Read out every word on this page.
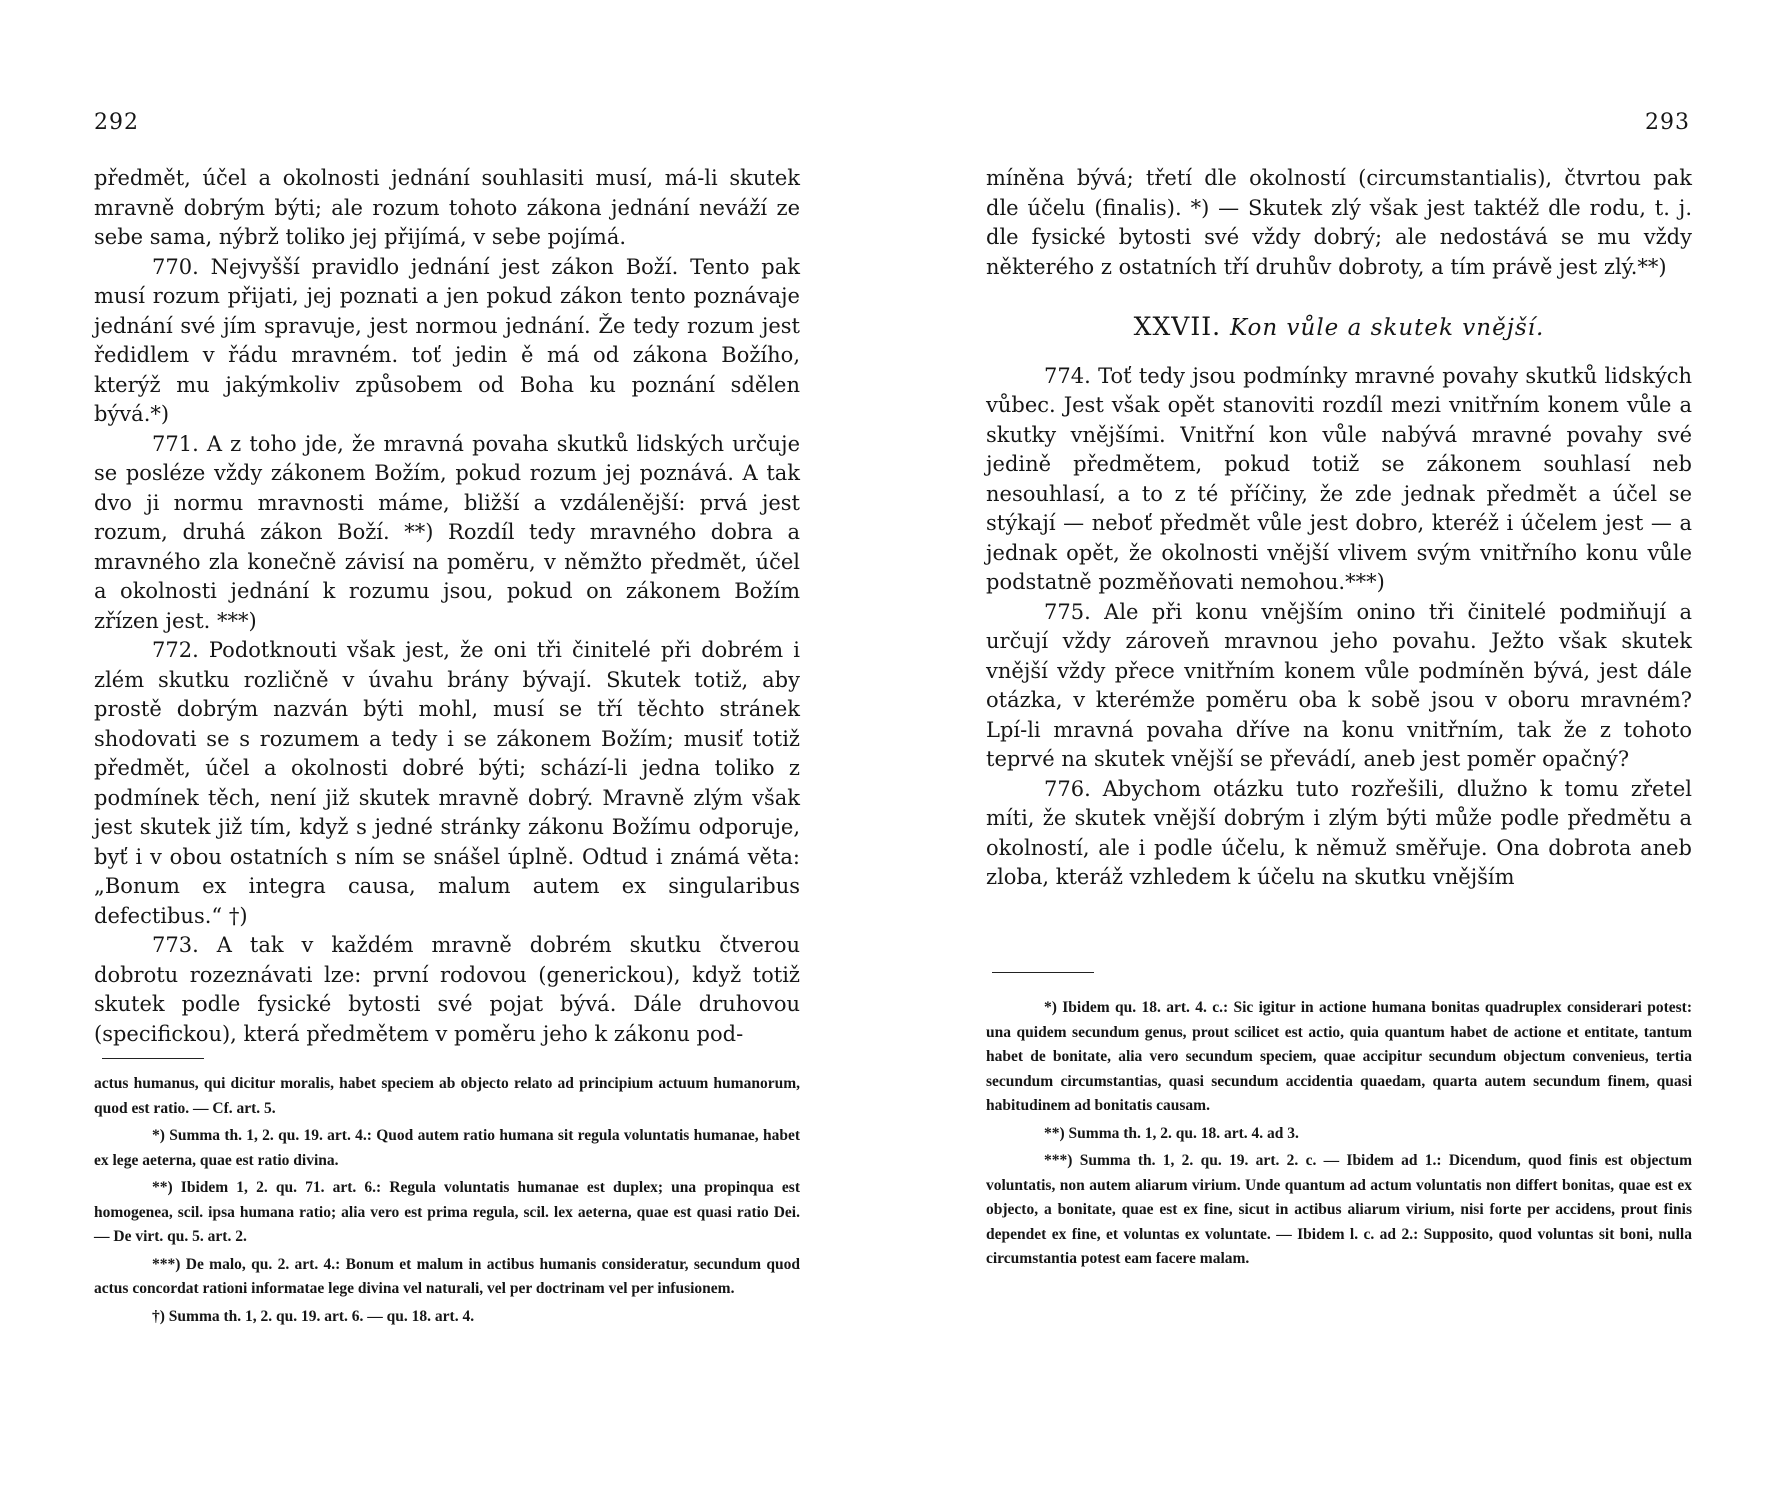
292

předmět, účel a okolnosti jednání souhlasiti musí, má-li skutek mravně dobrým býti; ale rozum tohoto zákona jednání neváží ze sebe sama, nýbrž toliko jej přijímá, v sebe pojímá.

770. Nejvyšší pravidlo jednání jest zákon Boží. Tento pak musí rozum přijati, jej poznati a jen pokud zákon tento poznávaje jednání své jím spravuje, jest normou jednání. Že tedy rozum jest ředidlem v řádu mravném. toť jedin ě má od zákona Božího, kterýž mu jakýmkoliv způsobem od Boha ku poznání sdělen bývá.*)

771. A z toho jde, že mravná povaha skutků lidských určuje se posléze vždy zákonem Božím, pokud rozum jej poznává. A tak dvo ji normu mravnosti máme, bližší a vzdálenější: prvá jest rozum, druhá zákon Boží. **) Rozdíl tedy mravného dobra a mravného zla konečně závisí na poměru, v němžto předmět, účel a okolnosti jednání k rozumu jsou, pokud on zákonem Božím zřízen jest. ***)

772. Podotknouti však jest, že oni tři činitelé při dobrém i zlém skutku rozličně v úvahu brány bývají. Skutek totiž, aby prostě dobrým nazván býti mohl, musí se tří těchto stránek shodovati se s rozumem a tedy i se zákonem Božím; musiť totiž předmět, účel a okolnosti dobré býti; schází-li jedna toliko z podmínek těch, není již skutek mravně dobrý. Mravně zlým však jest skutek již tím, když s jedné stránky zákonu Božímu odporuje, byť i v obou ostatních s ním se snášel úplně. Odtud i známá věta: „Bonum ex integra causa, malum autem ex singularibus defectibus.“ †)

773. A tak v každém mravně dobrém skutku čtverou dobrotu rozeznávati lze: první rodovou (generickou), když totiž skutek podle fysické bytosti své pojat bývá. Dále druhovou (specifickou), která předmětem v poměru jeho k zákonu pod-

actus humanus, qui dicitur moralis, habet speciem ab objecto relato ad principium actuum humanorum, quod est ratio. — Cf. art. 5.

*) Summa th. 1, 2. qu. 19. art. 4.: Quod autem ratio humana sit regula voluntatis humanae, habet ex lege aeterna, quae est ratio divina.

**) Ibidem 1, 2. qu. 71. art. 6.: Regula voluntatis humanae est duplex; una propinqua est homogenea, scil. ipsa humana ratio; alia vero est prima regula, scil. lex aeterna, quae est quasi ratio Dei. — De virt. qu. 5. art. 2.

***) De malo, qu. 2. art. 4.: Bonum et malum in actibus humanis consideratur, secundum quod actus concordat rationi informatae lege divina vel naturali, vel per doctrinam vel per infusionem.

†) Summa th. 1, 2. qu. 19. art. 6. — qu. 18. art. 4.

293

míněna bývá; třetí dle okolností (circumstantialis), čtvrtou pak dle účelu (finalis). *) — Skutek zlý však jest taktéž dle rodu, t. j. dle fysické bytosti své vždy dobrý; ale nedostává se mu vždy některého z ostatních tří druhův dobroty, a tím právě jest zlý.**)

XXVII. Kon vůle a skutek vnější.

774. Toť tedy jsou podmínky mravné povahy skutků lidských vůbec. Jest však opět stanoviti rozdíl mezi vnitřním konem vůle a skutky vnějšími. Vnitřní kon vůle nabývá mravné povahy své jedině předmětem, pokud totiž se zákonem souhlasí neb nesouhlasí, a to z té příčiny, že zde jednak předmět a účel se stýkají — neboť předmět vůle jest dobro, kteréž i účelem jest — a jednak opět, že okolnosti vnější vlivem svým vnitřního konu vůle podstatně pozměňovati nemohou.***)

775. Ale při konu vnějším onino tři činitelé podmiňují a určují vždy zároveň mravnou jeho povahu. Ježto však skutek vnější vždy přece vnitřním konem vůle podmíněn bývá, jest dále otázka, v kterémže poměru oba k sobě jsou v oboru mravném? Lpí-li mravná povaha dříve na konu vnitřním, tak že z tohoto teprvé na skutek vnější se převádí, aneb jest poměr opačný?

776. Abychom otázku tuto rozřešili, dlužno k tomu zřetel míti, že skutek vnější dobrým i zlým býti může podle předmětu a okolností, ale i podle účelu, k němuž směřuje. Ona dobrota aneb zloba, kteráž vzhledem k účelu na skutku vnějším

*) Ibidem qu. 18. art. 4. c.: Sic igitur in actione humana bonitas quadruplex considerari potest: una quidem secundum genus, prout scilicet est actio, quia quantum habet de actione et entitate, tantum habet de bonitate, alia vero secundum speciem, quae accipitur secundum objectum convenieus, tertia secundum circumstantias, quasi secundum accidentia quaedam, quarta autem secundum finem, quasi habitudinem ad bonitatis causam.

**) Summa th. 1, 2. qu. 18. art. 4. ad 3.

***) Summa th. 1, 2. qu. 19. art. 2. c. — Ibidem ad 1.: Dicendum, quod finis est objectum voluntatis, non autem aliarum virium. Unde quantum ad actum voluntatis non differt bonitas, quae est ex objecto, a bonitate, quae est ex fine, sicut in actibus aliarum virium, nisi forte per accidens, prout finis dependet ex fine, et voluntas ex voluntate. — Ibidem l. c. ad 2.: Supposito, quod voluntas sit boni, nulla circumstantia potest eam facere malam.
